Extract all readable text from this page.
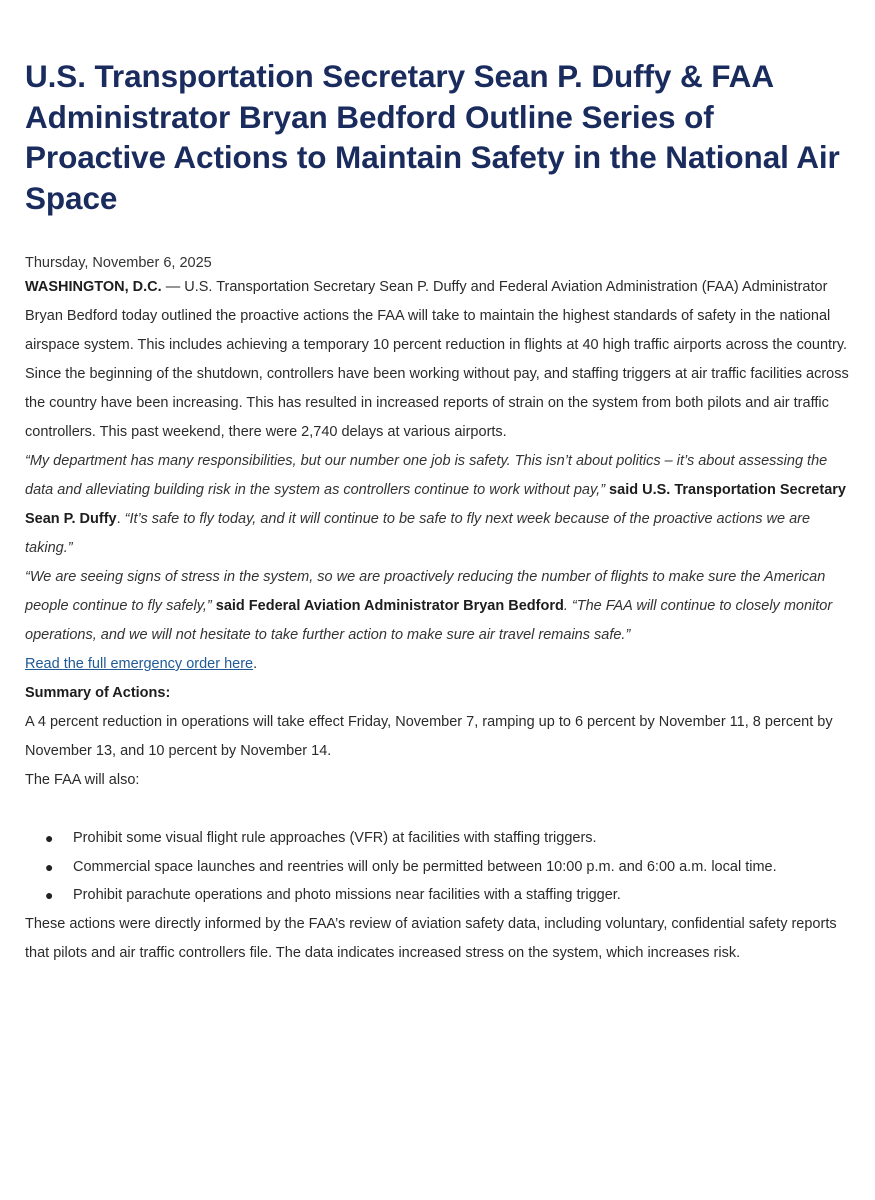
U.S. Transportation Secretary Sean P. Duffy & FAA Administrator Bryan Bedford Outline Series of Proactive Actions to Maintain Safety in the National Air Space
Thursday, November 6, 2025

WASHINGTON, D.C. — U.S. Transportation Secretary Sean P. Duffy and Federal Aviation Administration (FAA) Administrator Bryan Bedford today outlined the proactive actions the FAA will take to maintain the highest standards of safety in the national airspace system. This includes achieving a temporary 10 percent reduction in flights at 40 high traffic airports across the country.

Since the beginning of the shutdown, controllers have been working without pay, and staffing triggers at air traffic facilities across the country have been increasing. This has resulted in increased reports of strain on the system from both pilots and air traffic controllers. This past weekend, there were 2,740 delays at various airports.

“My department has many responsibilities, but our number one job is safety. This isn’t about politics – it’s about assessing the data and alleviating building risk in the system as controllers continue to work without pay,” said U.S. Transportation Secretary Sean P. Duffy. “It’s safe to fly today, and it will continue to be safe to fly next week because of the proactive actions we are taking.”

“We are seeing signs of stress in the system, so we are proactively reducing the number of flights to make sure the American people continue to fly safely,” said Federal Aviation Administrator Bryan Bedford. “The FAA will continue to closely monitor operations, and we will not hesitate to take further action to make sure air travel remains safe.”

Read the full emergency order here.

Summary of Actions:

A 4 percent reduction in operations will take effect Friday, November 7, ramping up to 6 percent by November 11, 8 percent by November 13, and 10 percent by November 14.

The FAA will also:

● Prohibit some visual flight rule approaches (VFR) at facilities with staffing triggers.
● Commercial space launches and reentries will only be permitted between 10:00 p.m. and 6:00 a.m. local time.
● Prohibit parachute operations and photo missions near facilities with a staffing trigger.

These actions were directly informed by the FAA’s review of aviation safety data, including voluntary, confidential safety reports that pilots and air traffic controllers file. The data indicates increased stress on the system, which increases risk.
